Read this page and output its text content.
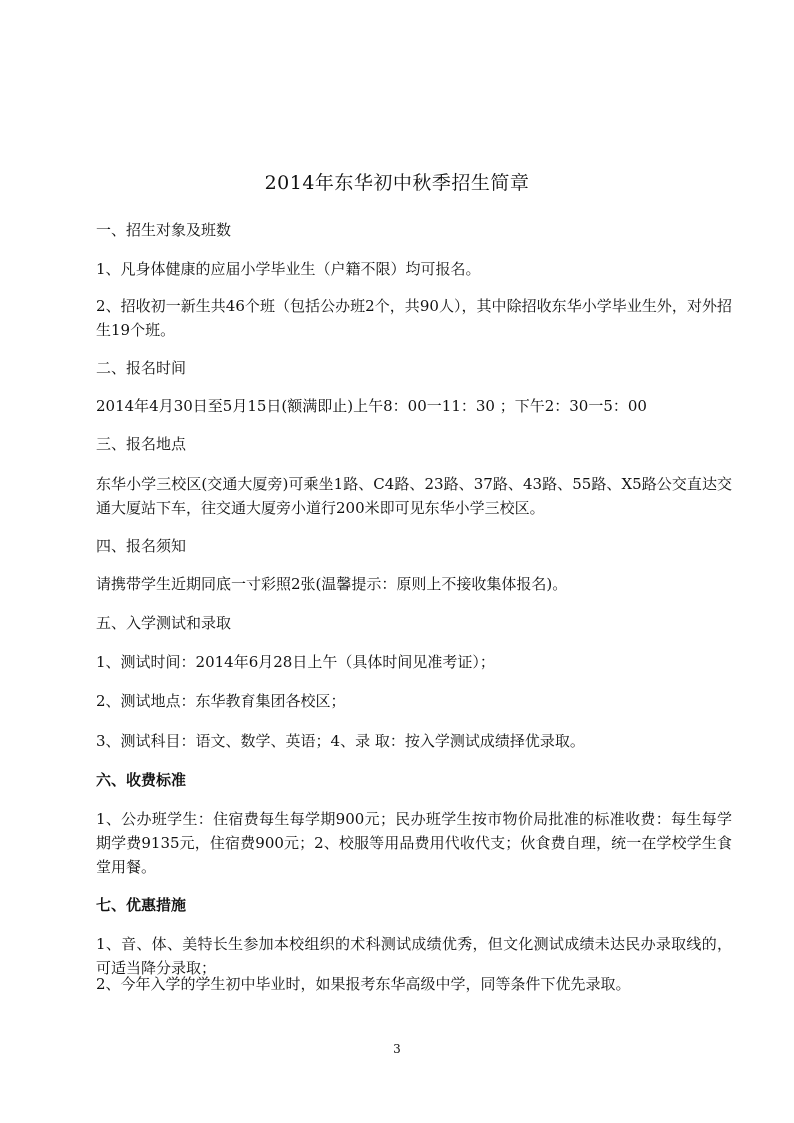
2014年东华初中秋季招生简章
一、招生对象及班数
1、凡身体健康的应届小学毕业生（户籍不限）均可报名。
2、招收初一新生共46个班（包括公办班2个，共90人），其中除招收东华小学毕业生外，对外招生19个班。
二、报名时间
2014年4月30日至5月15日(额满即止)上午8：00一11：30 ；下午2：30一5：00
三、报名地点
东华小学三校区(交通大厦旁)可乘坐1路、C4路、23路、37路、43路、55路、X5路公交直达交通大厦站下车，往交通大厦旁小道行200米即可见东华小学三校区。
四、报名须知
请携带学生近期同底一寸彩照2张(温馨提示：原则上不接收集体报名)。
五、入学测试和录取
1、测试时间：2014年6月28日上午（具体时间见准考证）；
2、测试地点：东华教育集团各校区；
3、测试科目：语文、数学、英语；4、录 取：按入学测试成绩择优录取。
六、收费标准
1、公办班学生：住宿费每生每学期900元；民办班学生按市物价局批准的标准收费：每生每学期学费9135元，住宿费900元；2、校服等用品费用代收代支；伙食费自理，统一在学校学生食堂用餐。
七、优惠措施
1、音、体、美特长生参加本校组织的术科测试成绩优秀，但文化测试成绩未达民办录取线的，可适当降分录取；
2、今年入学的学生初中毕业时，如果报考东华高级中学，同等条件下优先录取。
3
